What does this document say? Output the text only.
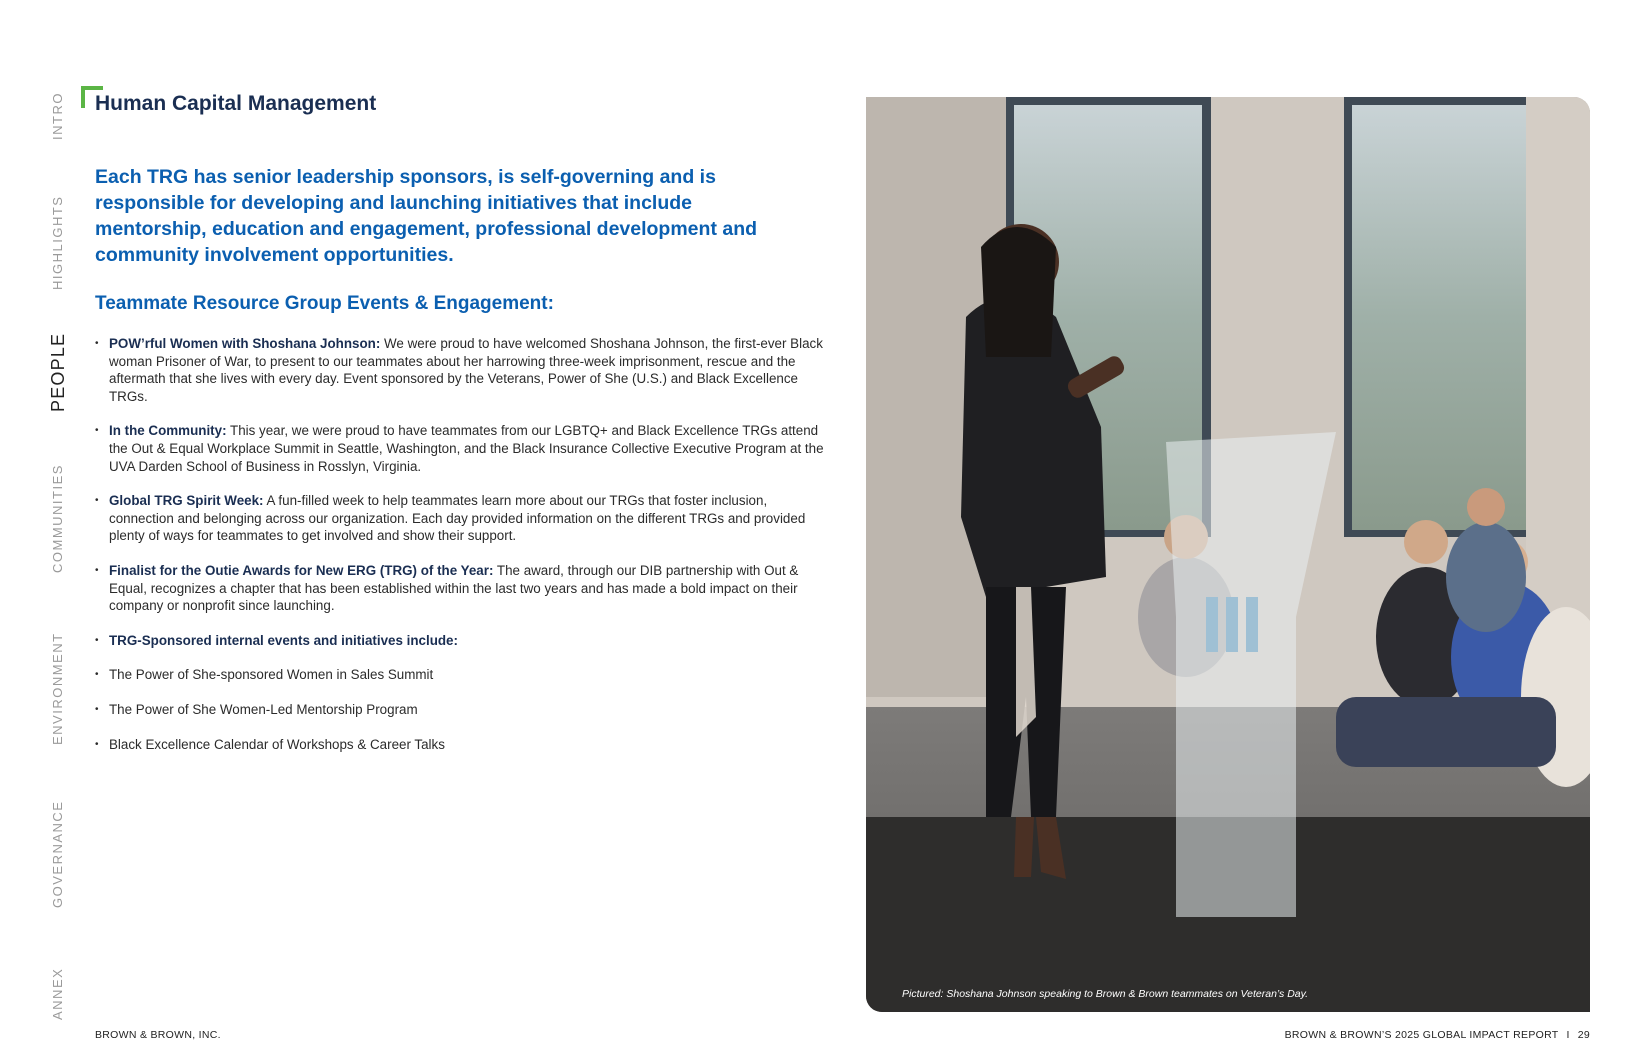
INTRO
HIGHLIGHTS
PEOPLE
COMMUNITIES
ENVIRONMENT
GOVERNANCE
ANNEX
Human Capital Management

Each TRG has senior leadership sponsors, is self-governing and is responsible for developing and launching initiatives that include mentorship, education and engagement, professional development and community involvement opportunities.

Teammate Resource Group Events & Engagement:
• POW’rful Women with Shoshana Johnson: We were proud to have welcomed Shoshana Johnson, the first-ever Black woman Prisoner of War, to present to our teammates about her harrowing three-week imprisonment, rescue and the aftermath that she lives with every day. Event sponsored by the Veterans, Power of She (U.S.) and Black Excellence TRGs.
• In the Community: This year, we were proud to have teammates from our LGBTQ+ and Black Excellence TRGs attend the Out & Equal Workplace Summit in Seattle, Washington, and the Black Insurance Collective Executive Program at the UVA Darden School of Business in Rosslyn, Virginia.
• Global TRG Spirit Week: A fun-filled week to help teammates learn more about our TRGs that foster inclusion, connection and belonging across our organization. Each day provided information on the different TRGs and provided plenty of ways for teammates to get involved and show their support.
• Finalist for the Outie Awards for New ERG (TRG) of the Year: The award, through our DIB partnership with Out & Equal, recognizes a chapter that has been established within the last two years and has made a bold impact on their company or nonprofit since launching.
• TRG-Sponsored internal events and initiatives include:
• The Power of She-sponsored Women in Sales Summit
• The Power of She Women-Led Mentorship Program
• Black Excellence Calendar of Workshops & Career Talks
Pictured: Shoshana Johnson speaking to Brown & Brown teammates on Veteran’s Day.
BROWN & BROWN, INC.	BROWN & BROWN’S 2025 GLOBAL IMPACT REPORT I 29
